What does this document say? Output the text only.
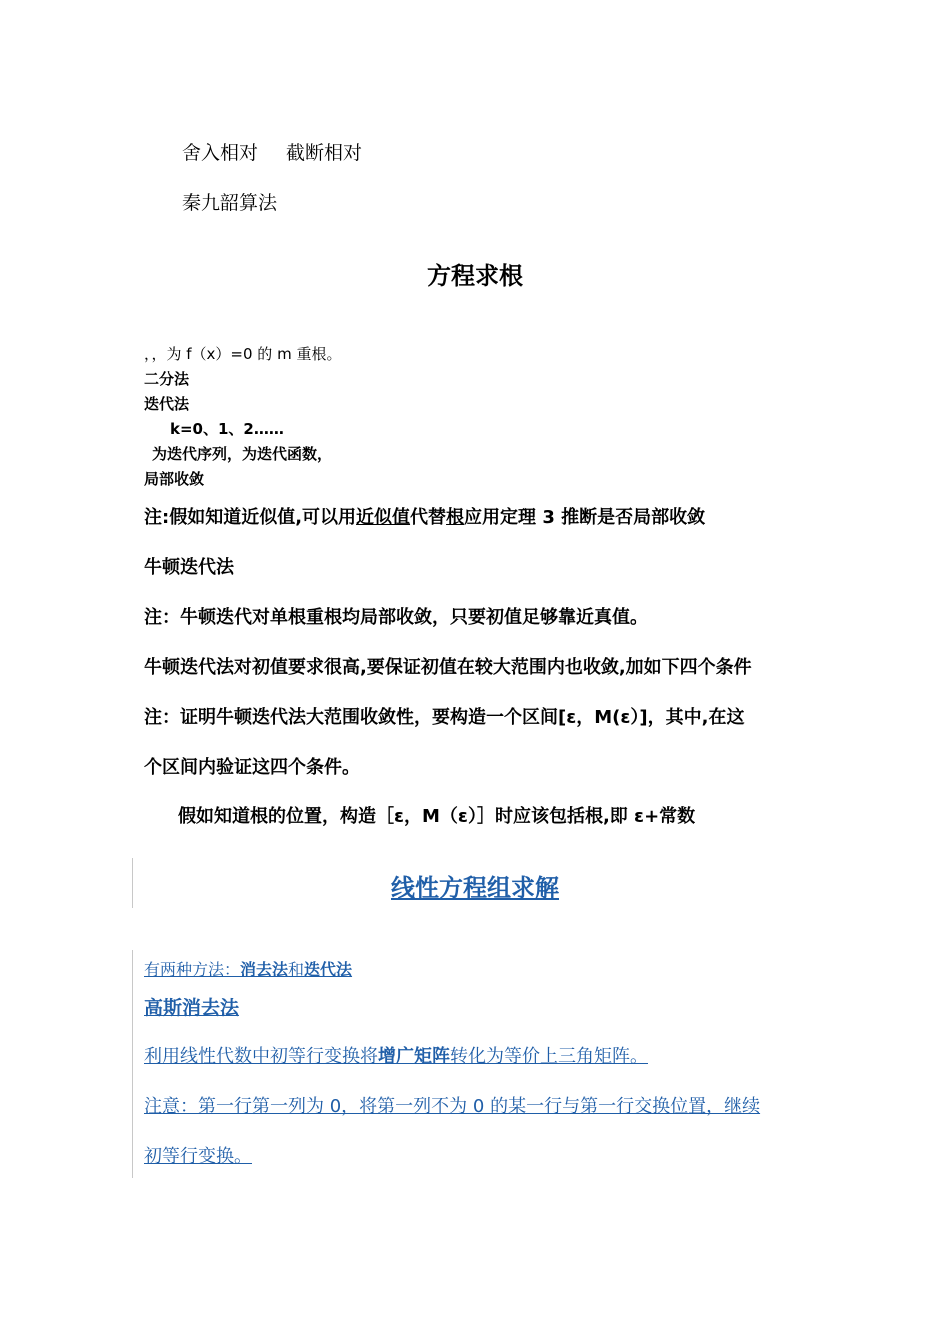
舍入相对 截断相对
秦九韶算法
方程求根
，，为 f（x）=0 的 m 重根。
二分法
迭代法
k=0、1、2……
为迭代序列，为迭代函数，
局部收敛
注:假如知道近似值,可以用近似值代替根应用定理 3 推断是否局部收敛
牛顿迭代法
注：牛顿迭代对单根重根均局部收敛，只要初值足够靠近真值。
牛顿迭代法对初值要求很高,要保证初值在较大范围内也收敛,加如下四个条件
注：证明牛顿迭代法大范围收敛性，要构造一个区间[ε，M(ε）]，其中,在这
个区间内验证这四个条件。
假如知道根的位置，构造［ε，M（ε）］时应该包括根,即 ε+常数
线性方程组求解
有两种方法：消去法和迭代法
高斯消去法
利用线性代数中初等行变换将增广矩阵转化为等价上三角矩阵。
注意：第一行第一列为 0，将第一列不为 0 的某一行与第一行交换位置，继续
初等行变换。
